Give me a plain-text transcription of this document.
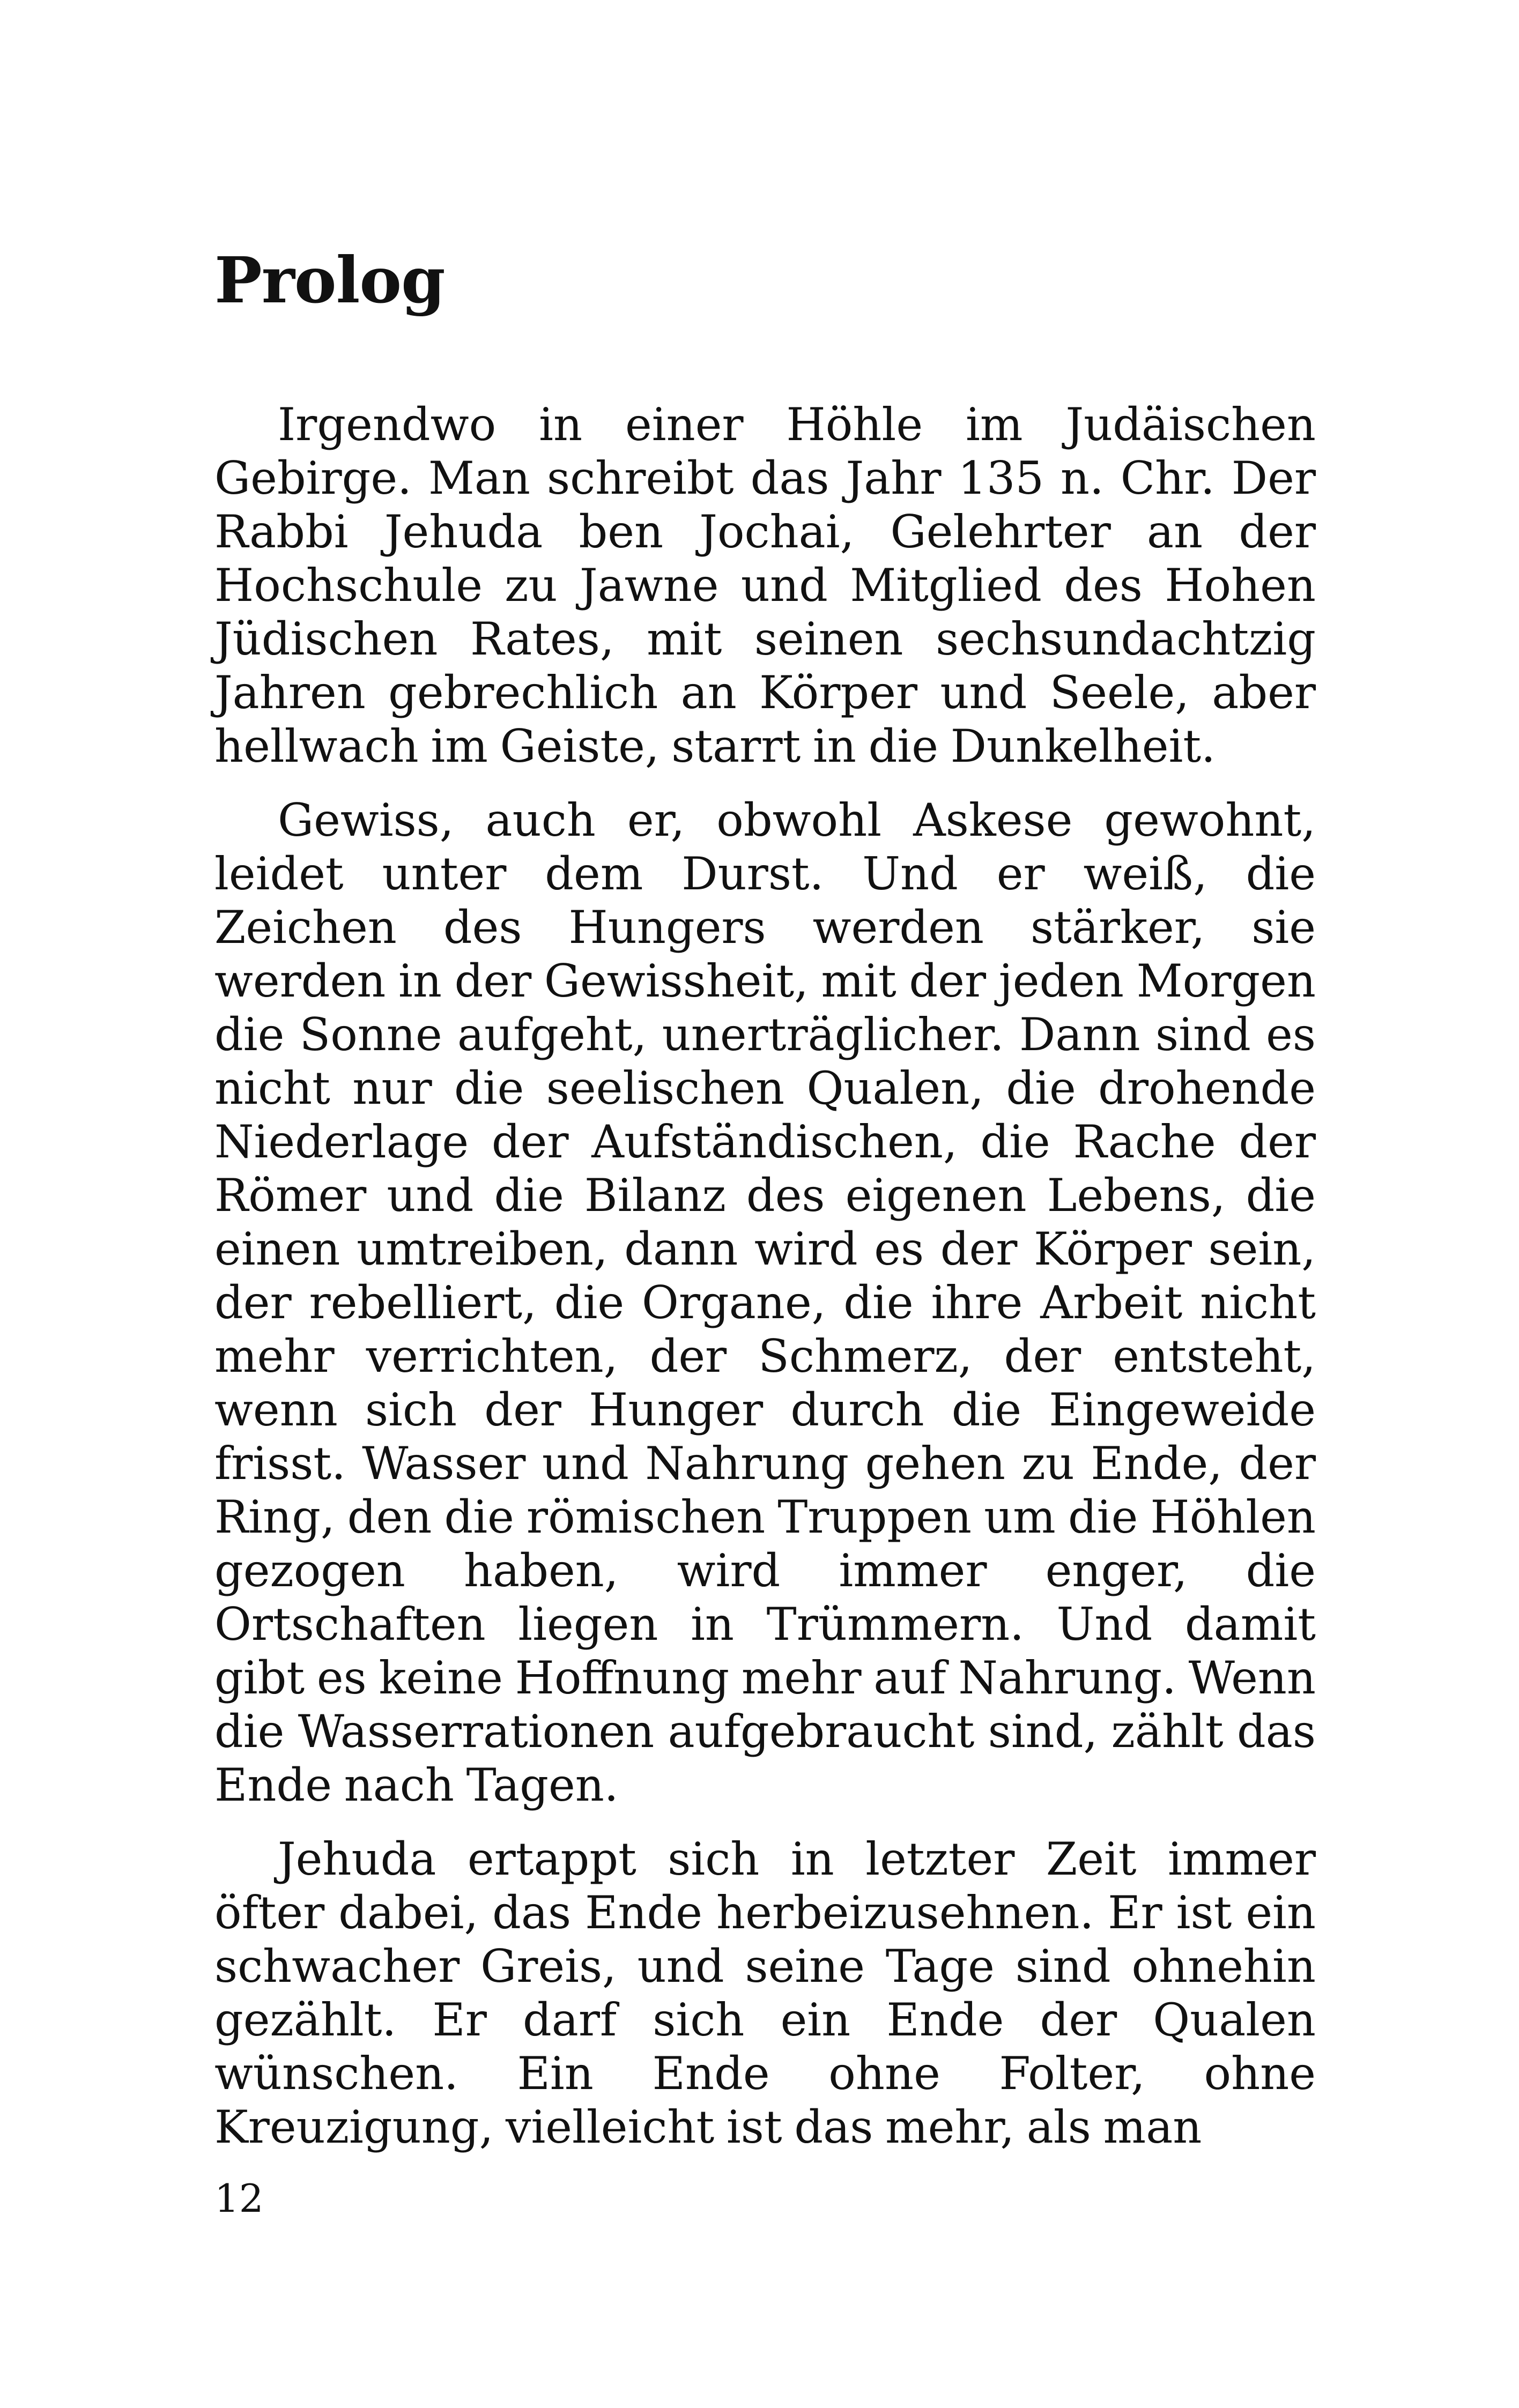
Prolog

Irgendwo in einer Höhle im Judäischen Gebirge. Man schreibt das Jahr 135 n. Chr. Der Rabbi Jehuda ben Jochai, Gelehrter an der Hochschule zu Jawne und Mitglied des Hohen Jüdischen Rates, mit seinen sechsundachtzig Jahren gebrechlich an Körper und Seele, aber hellwach im Geiste, starrt in die Dunkelheit.

Gewiss, auch er, obwohl Askese gewohnt, leidet unter dem Durst. Und er weiß, die Zeichen des Hungers werden stärker, sie werden in der Gewissheit, mit der jeden Morgen die Sonne aufgeht, unerträglicher. Dann sind es nicht nur die seelischen Qualen, die drohende Niederlage der Aufständischen, die Rache der Römer und die Bilanz des eigenen Lebens, die einen umtreiben, dann wird es der Körper sein, der rebelliert, die Organe, die ihre Arbeit nicht mehr verrichten, der Schmerz, der entsteht, wenn sich der Hunger durch die Eingeweide frisst. Wasser und Nahrung gehen zu Ende, der Ring, den die römischen Truppen um die Höhlen gezogen haben, wird immer enger, die Ortschaften liegen in Trümmern. Und damit gibt es keine Hoffnung mehr auf Nahrung. Wenn die Wasserrationen aufgebraucht sind, zählt das Ende nach Tagen.

Jehuda ertappt sich in letzter Zeit immer öfter dabei, das Ende herbeizusehnen. Er ist ein schwacher Greis, und seine Tage sind ohnehin gezählt. Er darf sich ein Ende der Qualen wünschen. Ein Ende ohne Folter, ohne Kreuzigung, vielleicht ist das mehr, als man

12
